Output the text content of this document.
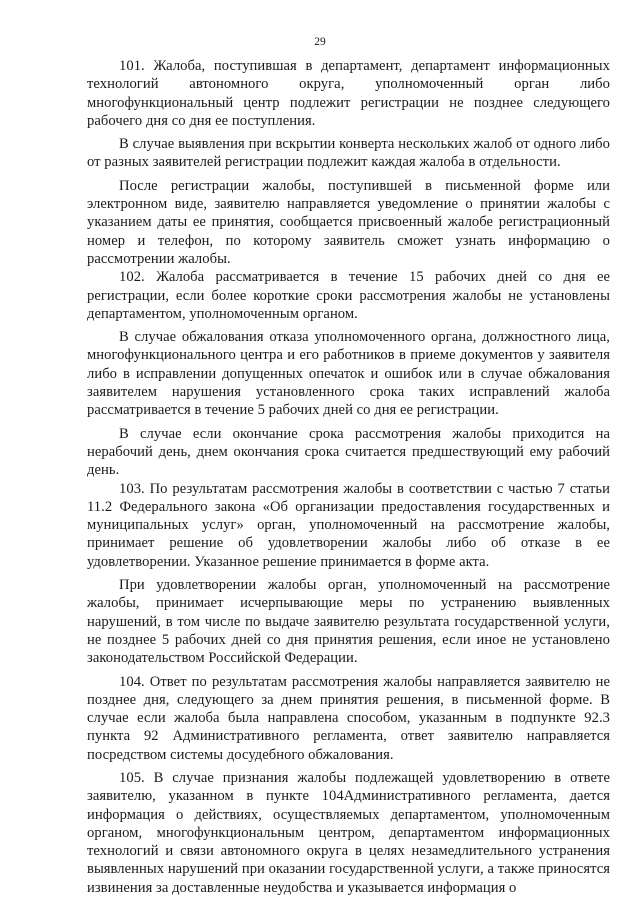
29

101. Жалоба, поступившая в департамент, департамент информационных технологий автономного округа, уполномоченный орган либо многофункциональный центр подлежит регистрации не позднее следующего рабочего дня со дня ее поступления.

В случае выявления при вскрытии конверта нескольких жалоб от одного либо от разных заявителей регистрации подлежит каждая жалоба в отдельности.

После регистрации жалобы, поступившей в письменной форме или электронном виде, заявителю направляется уведомление о принятии жалобы с указанием даты ее принятия, сообщается присвоенный жалобе регистрационный номер и телефон, по которому заявитель сможет узнать информацию о рассмотрении жалобы.

102. Жалоба рассматривается в течение 15 рабочих дней со дня ее регистрации, если более короткие сроки рассмотрения жалобы не установлены департаментом, уполномоченным органом.

В случае обжалования отказа уполномоченного органа, должностного лица, многофункционального центра и его работников в приеме документов у заявителя либо в исправлении допущенных опечаток и ошибок или в случае обжалования заявителем нарушения установленного срока таких исправлений жалоба рассматривается в течение 5 рабочих дней со дня ее регистрации.

В случае если окончание срока рассмотрения жалобы приходится на нерабочий день, днем окончания срока считается предшествующий ему рабочий день.

103. По результатам рассмотрения жалобы в соответствии с частью 7 статьи 11.2 Федерального закона «Об организации предоставления государственных и муниципальных услуг» орган, уполномоченный на рассмотрение жалобы, принимает решение об удовлетворении жалобы либо об отказе в ее удовлетворении. Указанное решение принимается в форме акта.

При удовлетворении жалобы орган, уполномоченный на рассмотрение жалобы, принимает исчерпывающие меры по устранению выявленных нарушений, в том числе по выдаче заявителю результата государственной услуги, не позднее 5 рабочих дней со дня принятия решения, если иное не установлено законодательством Российской Федерации.

104. Ответ по результатам рассмотрения жалобы направляется заявителю не позднее дня, следующего за днем принятия решения, в письменной форме. В случае если жалоба была направлена способом, указанным в подпункте 92.3 пункта 92 Административного регламента, ответ заявителю направляется посредством системы досудебного обжалования.

105. В случае признания жалобы подлежащей удовлетворению в ответе заявителю, указанном в пункте 104Административного регламента, дается информация о действиях, осуществляемых департаментом, уполномоченным органом, многофункциональным центром, департаментом информационных технологий и связи автономного округа в целях незамедлительного устранения выявленных нарушений при оказании государственной услуги, а также приносятся извинения за доставленные неудобства и указывается информация о
